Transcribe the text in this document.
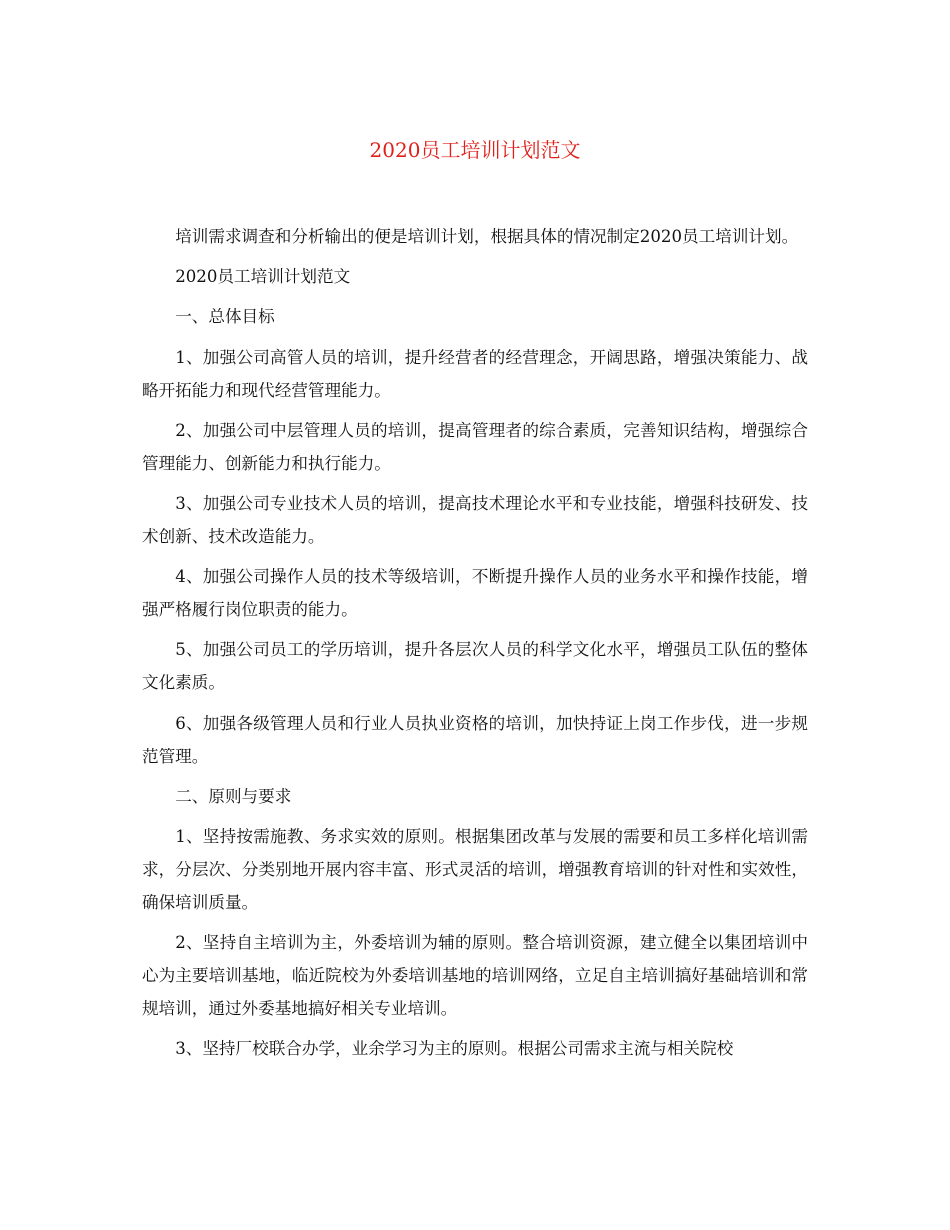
2020员工培训计划范文

培训需求调查和分析输出的便是培训计划，根据具体的情况制定2020员工培训计划。

2020员工培训计划范文

一、总体目标

1、加强公司高管人员的培训，提升经营者的经营理念，开阔思路，增强决策能力、战略开拓能力和现代经营管理能力。

2、加强公司中层管理人员的培训，提高管理者的综合素质，完善知识结构，增强综合管理能力、创新能力和执行能力。

3、加强公司专业技术人员的培训，提高技术理论水平和专业技能，增强科技研发、技术创新、技术改造能力。

4、加强公司操作人员的技术等级培训，不断提升操作人员的业务水平和操作技能，增强严格履行岗位职责的能力。

5、加强公司员工的学历培训，提升各层次人员的科学文化水平，增强员工队伍的整体文化素质。

6、加强各级管理人员和行业人员执业资格的培训，加快持证上岗工作步伐，进一步规范管理。

二、原则与要求

1、坚持按需施教、务求实效的原则。根据集团改革与发展的需要和员工多样化培训需求，分层次、分类别地开展内容丰富、形式灵活的培训，增强教育培训的针对性和实效性，确保培训质量。

2、坚持自主培训为主，外委培训为辅的原则。整合培训资源，建立健全以集团培训中心为主要培训基地，临近院校为外委培训基地的培训网络，立足自主培训搞好基础培训和常规培训，通过外委基地搞好相关专业培训。

3、坚持厂校联合办学，业余学习为主的原则。根据公司需求主流与相关院校
